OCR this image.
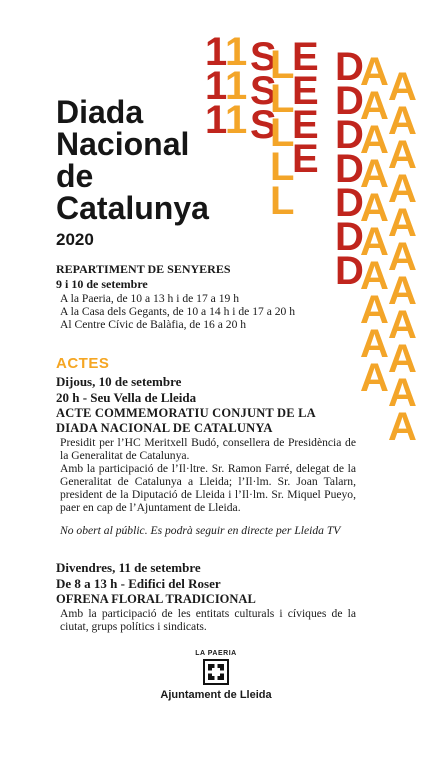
1
1
1
1
1
1
S
S
S
L
L
L
L
L
E
E
E
E
D
D
D
D
D
D
D
A
A
A
A
A
A
A
A
A
A
A
A
A
A
A
A
A
A
A
A
A
Diada
Nacional
de
Catalunya
2020
REPARTIMENT DE SENYERES
9 i 10 de setembre
A la Paeria, de 10 a 13 h i de 17 a 19 h
A la Casa dels Gegants, de 10 a 14 h i de 17 a 20 h
Al Centre Cívic de Balàfia, de 16 a 20 h
ACTES
Dijous, 10 de setembre
20 h - Seu Vella de Lleida
ACTE COMMEMORATIU CONJUNT DE LA DIADA NACIONAL DE CATALUNYA
Presidit per l’HC Meritxell Budó, consellera de Presidència de la Generalitat de Catalunya.
Amb la participació de l’Il·ltre. Sr. Ramon Farré, delegat de la Generalitat de Catalunya a Lleida; l’Il·lm. Sr. Joan Talarn, president de la Diputació de Lleida i l’Il·lm. Sr. Miquel Pueyo, paer en cap de l’Ajuntament de Lleida.
No obert al públic. Es podrà seguir en directe per Lleida TV
Divendres, 11 de setembre
De 8 a 13 h - Edifici del Roser
OFRENA FLORAL TRADICIONAL
Amb la participació de les entitats culturals i cíviques de la ciutat, grups polítics i sindicats.
LA PAERIA
Ajuntament de Lleida
